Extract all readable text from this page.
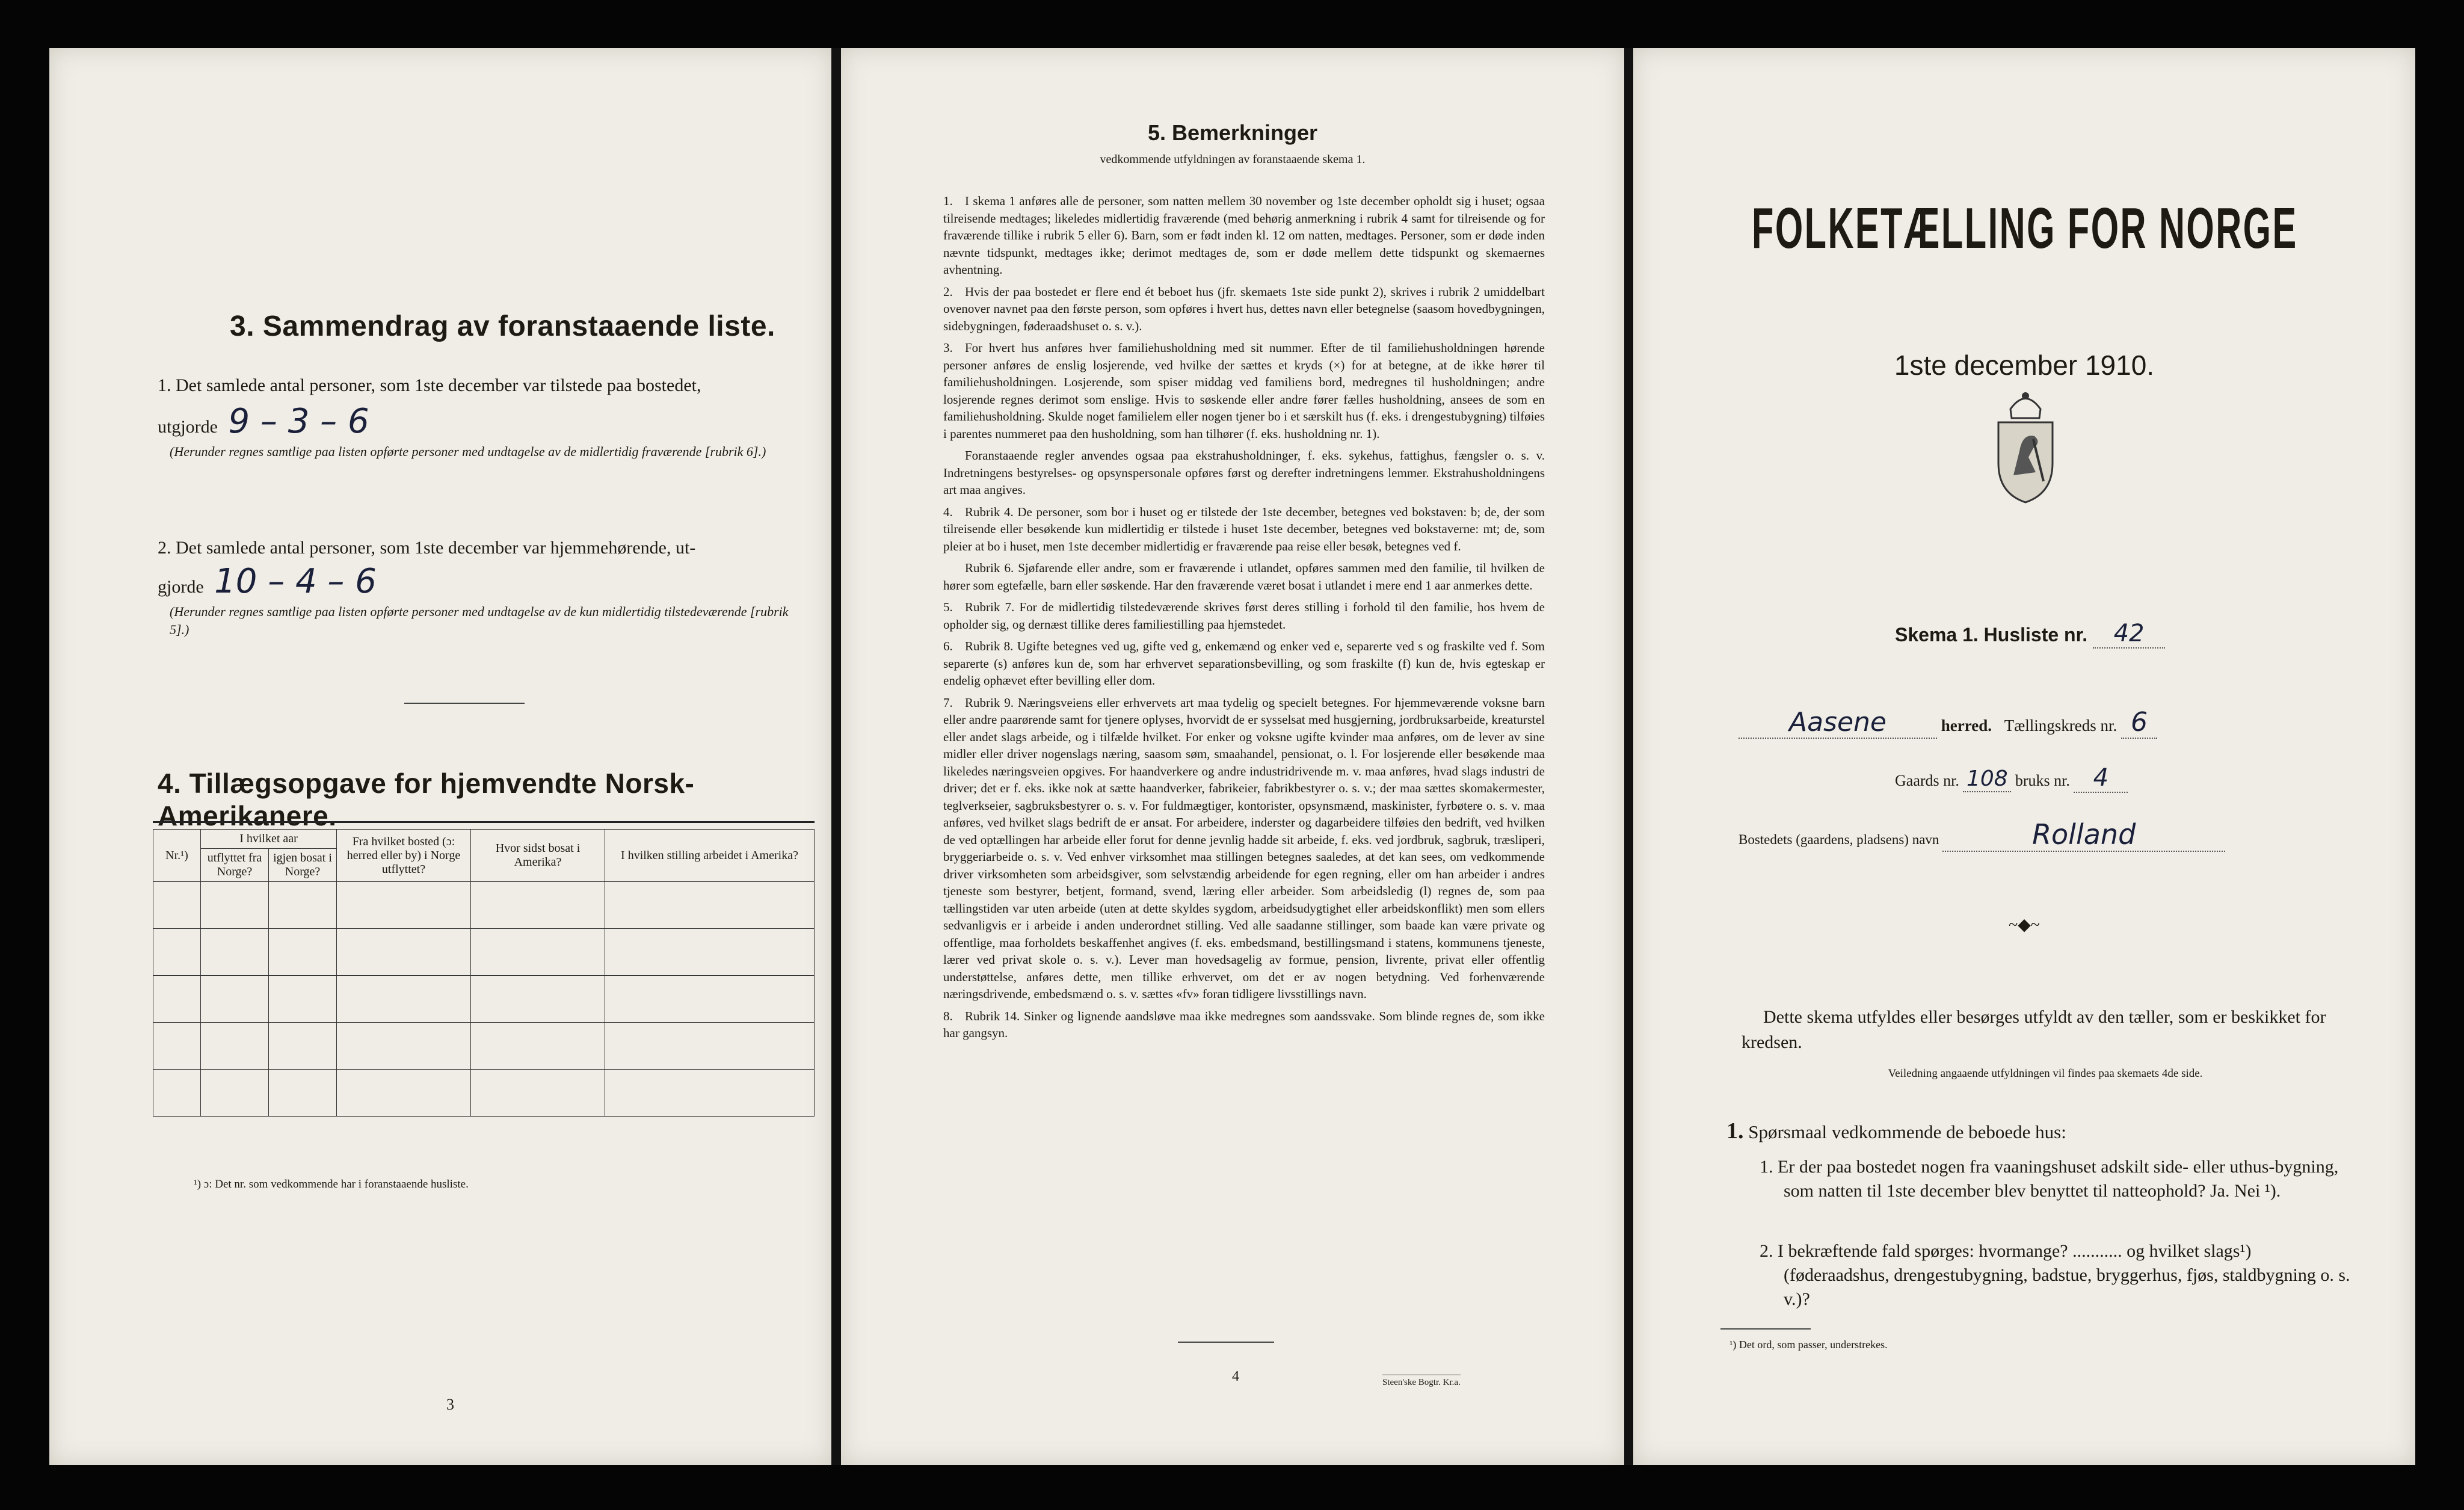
3. Sammendrag av foranstaaende liste.
1. Det samlede antal personer, som 1ste december var tilstede paa bostedet,
utgjorde 9 – 3 – 6
(Herunder regnes samtlige paa listen opførte personer med undtagelse av de midlertidig fraværende [rubrik 6].)
2. Det samlede antal personer, som 1ste december var hjemmehørende, ut-
gjorde 10 – 4 – 6
(Herunder regnes samtlige paa listen opførte personer med undtagelse av de kun midlertidig tilstedeværende [rubrik 5].)
4. Tillægsopgave for hjemvendte Norsk-Amerikanere.
Nr.¹)	I hvilket aar		Fra hvilket bosted (ɔ: herred eller by) i Norge utflyttet?	Hvor sidst bosat i Amerika?	I hvilken stilling arbeidet i Amerika?
	utflyttet fra Norge?	igjen bosat i Norge?			

¹) ɔ: Det nr. som vedkommende har i foranstaaende husliste.
3
5. Bemerkninger
vedkommende utfyldningen av foranstaaende skema 1.

1. I skema 1 anføres alle de personer, som natten mellem 30 november og 1ste december opholdt sig i huset; ogsaa tilreisende medtages; likeledes midlertidig fraværende (med behørig anmerkning i rubrik 4 samt for tilreisende og for fraværende tillike i rubrik 5 eller 6). Barn, som er født inden kl. 12 om natten, medtages. Personer, som er døde inden nævnte tidspunkt, medtages ikke; derimot medtages de, som er døde mellem dette tidspunkt og skemaernes avhentning.

2. Hvis der paa bostedet er flere end ét beboet hus (jfr. skemaets 1ste side punkt 2), skrives i rubrik 2 umiddelbart ovenover navnet paa den første person, som opføres i hvert hus, dettes navn eller betegnelse (saasom hovedbygningen, sidebygningen, føderaadshuset o. s. v.).

3. For hvert hus anføres hver familiehusholdning med sit nummer. Efter de til familiehusholdningen hørende personer anføres de enslig losjerende, ved hvilke der sættes et kryds (×) for at betegne, at de ikke hører til familiehusholdningen. Losjerende, som spiser middag ved familiens bord, medregnes til husholdningen; andre losjerende regnes derimot som enslige. Hvis to søskende eller andre fører fælles husholdning, ansees de som en familiehusholdning. Skulde noget familielem eller nogen tjener bo i et særskilt hus (f. eks. i drengestubygning) tilføies i parentes nummeret paa den husholdning, som han tilhører (f. eks. husholdning nr. 1).

Foranstaaende regler anvendes ogsaa paa ekstrahusholdninger, f. eks. sykehus, fattighus, fængsler o. s. v. Indretningens bestyrelses- og opsynspersonale opføres først og derefter indretningens lemmer. Ekstrahusholdningens art maa angives.

4. Rubrik 4. De personer, som bor i huset og er tilstede der 1ste december, betegnes ved bokstaven: b; de, der som tilreisende eller besøkende kun midlertidig er tilstede i huset 1ste december, betegnes ved bokstaverne: mt; de, som pleier at bo i huset, men 1ste december midlertidig er fraværende paa reise eller besøk, betegnes ved f.

Rubrik 6. Sjøfarende eller andre, som er fraværende i utlandet, opføres sammen med den familie, til hvilken de hører som egtefælle, barn eller søskende. Har den fraværende været bosat i utlandet i mere end 1 aar anmerkes dette.

5. Rubrik 7. For de midlertidig tilstedeværende skrives først deres stilling i forhold til den familie, hos hvem de opholder sig, og dernæst tillike deres familiestilling paa hjemstedet.

6. Rubrik 8. Ugifte betegnes ved ug, gifte ved g, enkemænd og enker ved e, separerte ved s og fraskilte ved f. Som separerte (s) anføres kun de, som har erhvervet separationsbevilling, og som fraskilte (f) kun de, hvis egteskap er endelig ophævet efter bevilling eller dom.

7. Rubrik 9. Næringsveiens eller erhvervets art maa tydelig og specielt betegnes. For hjemmeværende voksne barn eller andre paarørende samt for tjenere oplyses, hvorvidt de er sysselsat med husgjerning, jordbruksarbeide, kreaturstel eller andet slags arbeide, og i tilfælde hvilket. For enker og voksne ugifte kvinder maa anføres, om de lever av sine midler eller driver nogenslags næring, saasom søm, smaahandel, pensionat, o. l. For losjerende eller besøkende maa likeledes næringsveien opgives. For haandverkere og andre industridrivende m. v. maa anføres, hvad slags industri de driver; det er f. eks. ikke nok at sætte haandverker, fabrikeier, fabrikbestyrer o. s. v.; der maa sættes skomakermester, teglverkseier, sagbruksbestyrer o. s. v. For fuldmægtiger, kontorister, opsynsmænd, maskinister, fyrbøtere o. s. v. maa anføres, ved hvilket slags bedrift de er ansat. For arbeidere, inderster og dagarbeidere tilføies den bedrift, ved hvilken de ved optællingen har arbeide eller forut for denne jevnlig hadde sit arbeide, f. eks. ved jordbruk, sagbruk, træsliperi, bryggeriarbeide o. s. v. Ved enhver virksomhet maa stillingen betegnes saaledes, at det kan sees, om vedkommende driver virksomheten som arbeidsgiver, som selvstændig arbeidende for egen regning, eller om han arbeider i andres tjeneste som bestyrer, betjent, formand, svend, læring eller arbeider. Som arbeidsledig (l) regnes de, som paa tællingstiden var uten arbeide (uten at dette skyldes sygdom, arbeidsudygtighet eller arbeidskonflikt) men som ellers sedvanligvis er i arbeide i anden underordnet stilling. Ved alle saadanne stillinger, som baade kan være private og offentlige, maa forholdets beskaffenhet angives (f. eks. embedsmand, bestillingsmand i statens, kommunens tjeneste, lærer ved privat skole o. s. v.). Lever man hovedsagelig av formue, pension, livrente, privat eller offentlig understøttelse, anføres dette, men tillike erhvervet, om det er av nogen betydning. Ved forhenværende næringsdrivende, embedsmænd o. s. v. sættes «fv» foran tidligere livsstillings navn.

8. Rubrik 14. Sinker og lignende aandsløve maa ikke medregnes som aandssvake. Som blinde regnes de, som ikke har gangsyn.

4	Steen'ske Bogtr. Kr.a.
FOLKETÆLLING FOR NORGE
1ste december 1910.
Skema 1. Husliste nr. 42
Aasene	herred. Tællingskreds nr. 6
Gaards nr. 108 bruks nr. 4
Bostedets (gaardens, pladsens) navn	Rolland
~◆~
Dette skema utfyldes eller besørges utfyldt av den tæller, som er beskikket for kredsen.
Veiledning angaaende utfyldningen vil findes paa skemaets 4de side.
1. Spørsmaal vedkommende de beboede hus:
1. Er der paa bostedet nogen fra vaaningshuset adskilt side- eller uthus-bygning, som natten til 1ste december blev benyttet til natteophold? Ja. Nei ¹).
2. I bekræftende fald spørges: hvormange? ........... og hvilket slags¹) (føderaadshus, drengestubygning, badstue, bryggerhus, fjøs, staldbygning o. s. v.)?
¹) Det ord, som passer, understrekes.
